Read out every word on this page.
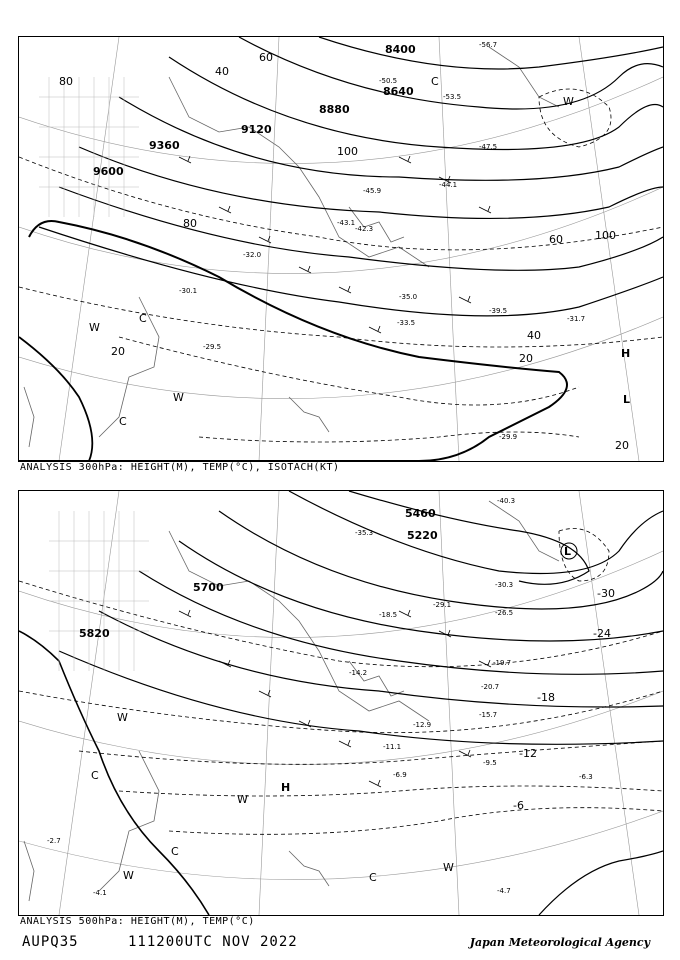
8400
8640
8880
9120
9360
9600
20
20
20
40
40
60
60
80
80
100
100
H
L
W
W
W
C
C
C
-56.7
-53.5
-50.5
-47.5
-45.9
-44.1
-43.1
-42.3
-39.5
-35.0
-33.5
-32.0
-30.1
-29.5
-29.9
-31.7
ANALYSIS 300hPa: HEIGHT(M), TEMP(°C), ISOTACH(KT)
5220
5460
5700
5820
-30
-24
-18
-12
-6
H
L
W
W
W
W
C
C
C
-40.3
-35.3
-30.3
-29.1
-26.5
-20.7
-19.7
-18.5
-15.7
-14.2
-12.9
-11.1
-9.5
-6.9	-6.3
-4.7
-4.1
-2.7
ANALYSIS 500hPa: HEIGHT(M), TEMP(°C)
AUPQ35	111200UTC NOV 2022	Japan Meteorological Agency
